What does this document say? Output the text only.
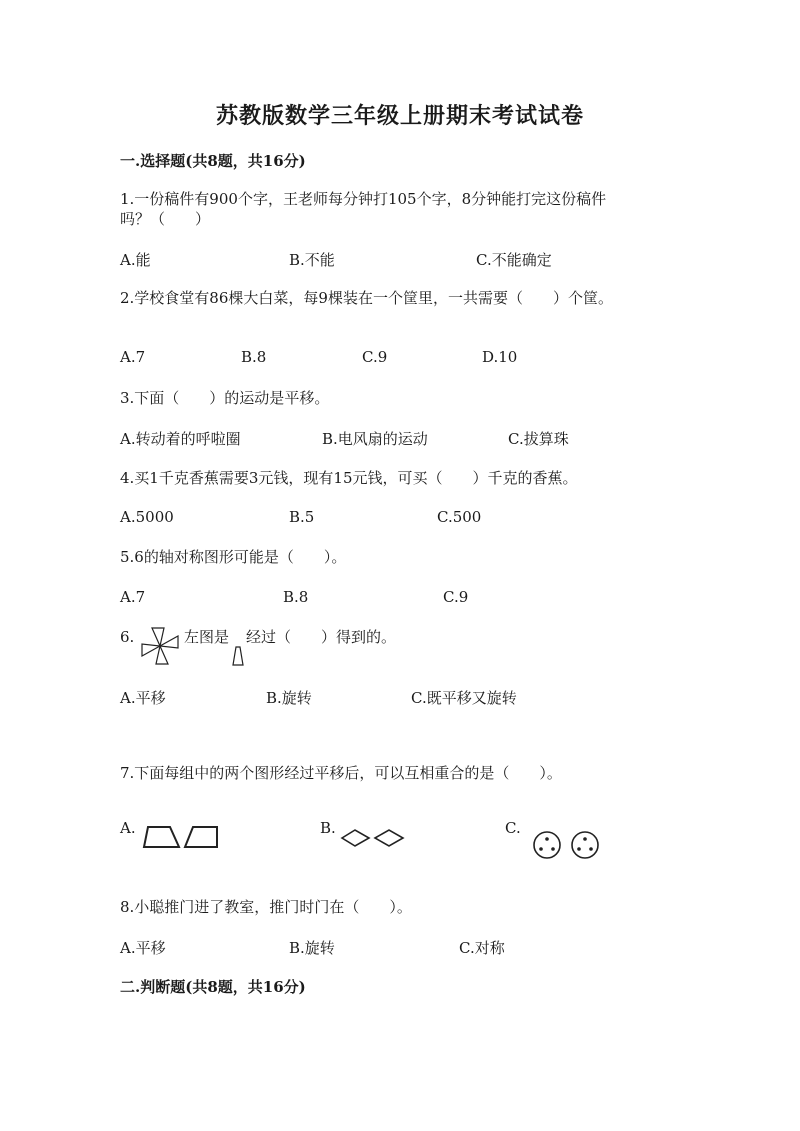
苏教版数学三年级上册期末考试试卷
一.选择题(共8题，共16分)
1.一份稿件有900个字，王老师每分钟打105个字，8分钟能打完这份稿件
吗？（　　）
A.能	B.不能	C.不能确定
2.学校食堂有86棵大白菜，每9棵装在一个筐里，一共需要（　　）个筐。
A.7	B.8	C.9	D.10
3.下面（　　）的运动是平移。
A.转动着的呼啦圈	B.电风扇的运动	C.拔算珠
4.买1千克香蕉需要3元钱，现有15元钱，可买（　　）千克的香蕉。
A.5000	B.5	C.500
5.6的轴对称图形可能是（　　）。
A.7	B.8	C.9
6.	左图是 经过（　　）得到的。
A.平移	B.旋转	C.既平移又旋转
7.下面每组中的两个图形经过平移后，可以互相重合的是（　　）。
A.	B.	C.
8.小聪推门进了教室，推门时门在（　　）。
A.平移	B.旋转	C.对称
二.判断题(共8题，共16分)
